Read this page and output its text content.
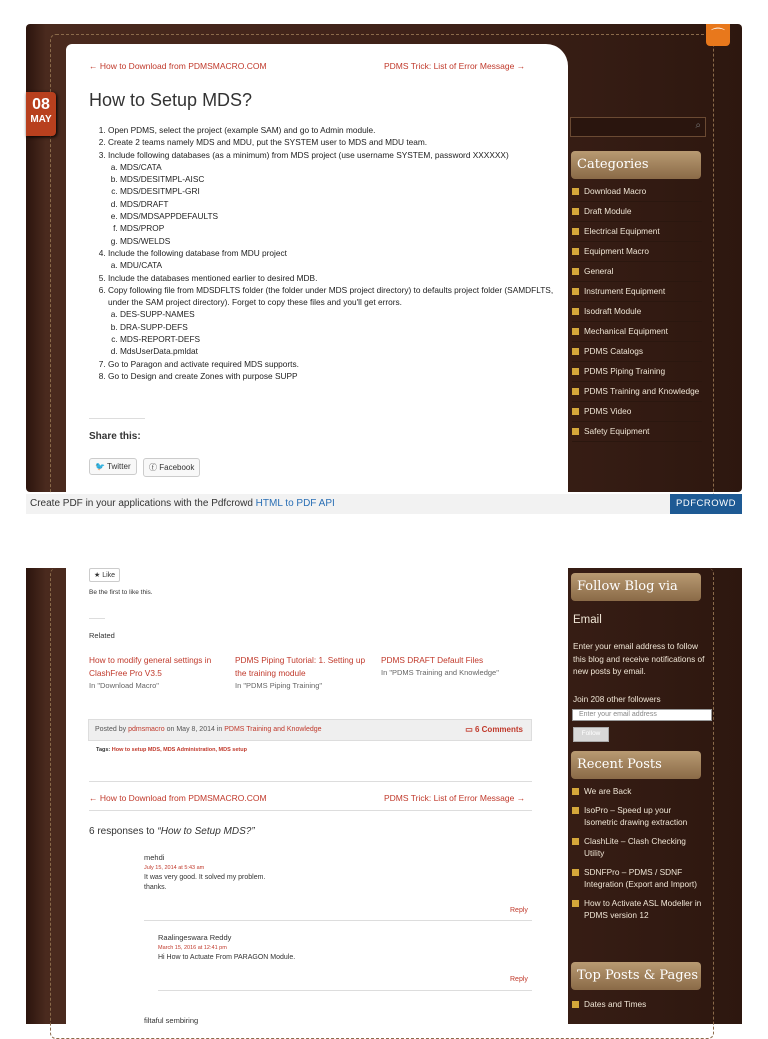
⌒
08
MAY
← How to Download from PDMSMACRO.COM	PDMS Trick: List of Error Message →
How to Setup MDS?
1. Open PDMS, select the project (example SAM) and go to Admin module.
2. Create 2 teams namely MDS and MDU, put the SYSTEM user to MDS and MDU team.
3. Include following databases (as a minimum) from MDS project (use username SYSTEM, password XXXXXX)
a. MDS/CATA
b. MDS/DESITMPL-AISC
c. MDS/DESITMPL-GRI
d. MDS/DRAFT
e. MDS/MDSAPPDEFAULTS
f. MDS/PROP
g. MDS/WELDS
4. Include the following database from MDU project
a. MDU/CATA
5. Include the databases mentioned earlier to desired MDB.
6. Copy following file from MDSDFLTS folder (the folder under MDS project directory) to defaults project folder (SAMDFLTS, under the SAM project directory). Forget to copy these files and you'll get errors.
a. DES-SUPP-NAMES
b. DRA-SUPP-DEFS
c. MDS-REPORT-DEFS
d. MdsUserData.pmldat
7. Go to Paragon and activate required MDS supports.
8. Go to Design and create Zones with purpose SUPP
Share this:
🐦 Twitter	ⓕ Facebook
⌕
Categories
Download Macro
Draft Module
Electrical Equipment
Equipment Macro
General
Instrument Equipment
Isodraft Module
Mechanical Equipment
PDMS Catalogs
PDMS Piping Training
PDMS Training and Knowledge
PDMS Video
Safety Equipment
Create PDF in your applications with the Pdfcrowd HTML to PDF API	PDFCROWD
★ Like
Be the first to like this.
Related
How to modify general settings in ClashFree Pro V3.5
In "Download Macro"
PDMS Piping Tutorial: 1. Setting up the training module
In "PDMS Piping Training"
PDMS DRAFT Default Files
In "PDMS Training and Knowledge"
Posted by pdmsmacro on May 8, 2014 in PDMS Training and Knowledge	▭ 6 Comments
Tags: How to setup MDS, MDS Administration, MDS setup
← How to Download from PDMSMACRO.COM	PDMS Trick: List of Error Message →
6 responses to “How to Setup MDS?”
mehdi
July 15, 2014 at 5:43 am
It was very good. It solved my problem.
thanks.
Reply
Raalingeswara Reddy
March 15, 2016 at 12:41 pm
Hi How to Actuate From PARAGON Module.
Reply
filtaful sembiring
Follow Blog via
Email
Enter your email address to follow this blog and receive notifications of new posts by email.
Join 208 other followers
Enter your email address
Follow
Recent Posts
We are Back
IsoPro – Speed up your Isometric drawing extraction
ClashLite – Clash Checking Utility
SDNFPro – PDMS / SDNF Integration (Export and Import)
How to Activate ASL Modeller in PDMS version 12
Top Posts & Pages
Dates and Times
